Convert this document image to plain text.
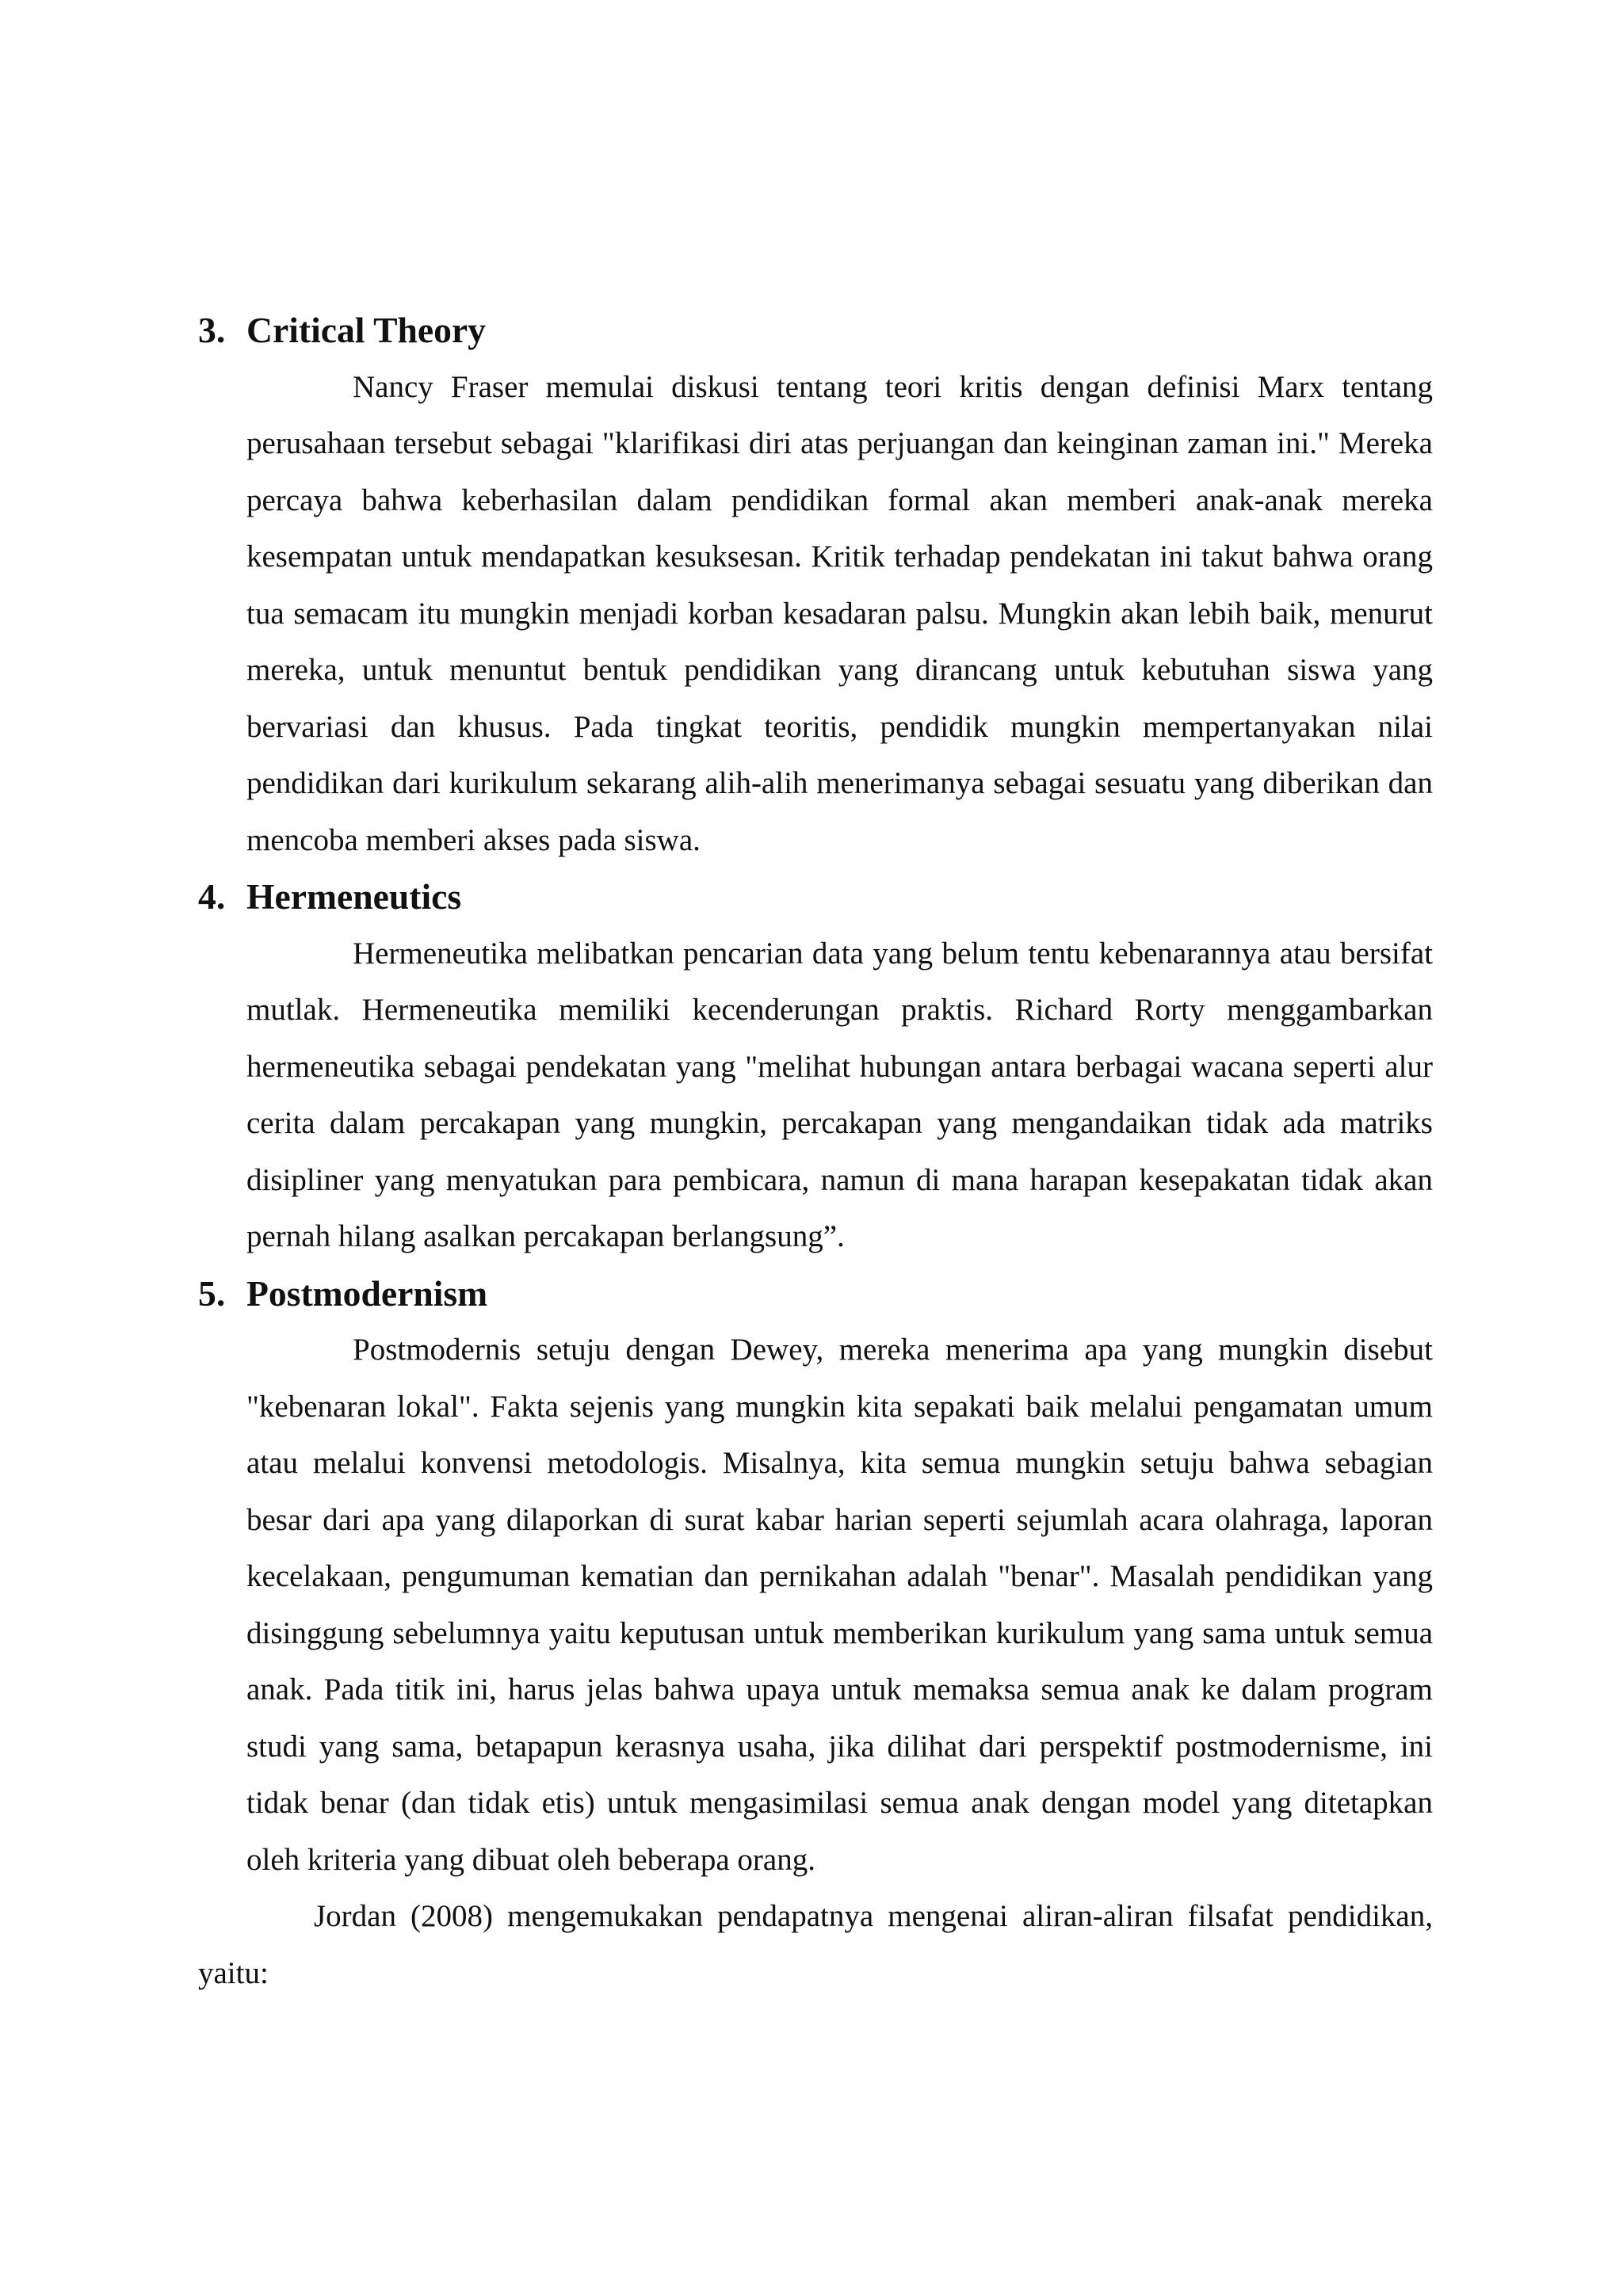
3. Critical Theory

Nancy Fraser memulai diskusi tentang teori kritis dengan definisi Marx tentang perusahaan tersebut sebagai "klarifikasi diri atas perjuangan dan keinginan zaman ini." Mereka percaya bahwa keberhasilan dalam pendidikan formal akan memberi anak-anak mereka kesempatan untuk mendapatkan kesuksesan. Kritik terhadap pendekatan ini takut bahwa orang tua semacam itu mungkin menjadi korban kesadaran palsu. Mungkin akan lebih baik, menurut mereka, untuk menuntut bentuk pendidikan yang dirancang untuk kebutuhan siswa yang bervariasi dan khusus. Pada tingkat teoritis, pendidik mungkin mempertanyakan nilai pendidikan dari kurikulum sekarang alih-alih menerimanya sebagai sesuatu yang diberikan dan mencoba memberi akses pada siswa.

4. Hermeneutics

Hermeneutika melibatkan pencarian data yang belum tentu kebenarannya atau bersifat mutlak. Hermeneutika memiliki kecenderungan praktis. Richard Rorty menggambarkan hermeneutika sebagai pendekatan yang "melihat hubungan antara berbagai wacana seperti alur cerita dalam percakapan yang mungkin, percakapan yang mengandaikan tidak ada matriks disipliner yang menyatukan para pembicara, namun di mana harapan kesepakatan tidak akan pernah hilang asalkan percakapan berlangsung”.

5. Postmodernism

Postmodernis setuju dengan Dewey, mereka menerima apa yang mungkin disebut "kebenaran lokal". Fakta sejenis yang mungkin kita sepakati baik melalui pengamatan umum atau melalui konvensi metodologis. Misalnya, kita semua mungkin setuju bahwa sebagian besar dari apa yang dilaporkan di surat kabar harian seperti sejumlah acara olahraga, laporan kecelakaan, pengumuman kematian dan pernikahan adalah "benar". Masalah pendidikan yang disinggung sebelumnya yaitu keputusan untuk memberikan kurikulum yang sama untuk semua anak. Pada titik ini, harus jelas bahwa upaya untuk memaksa semua anak ke dalam program studi yang sama, betapapun kerasnya usaha, jika dilihat dari perspektif postmodernisme, ini tidak benar (dan tidak etis) untuk mengasimilasi semua anak dengan model yang ditetapkan oleh kriteria yang dibuat oleh beberapa orang.

Jordan (2008) mengemukakan pendapatnya mengenai aliran-aliran filsafat pendidikan, yaitu:
